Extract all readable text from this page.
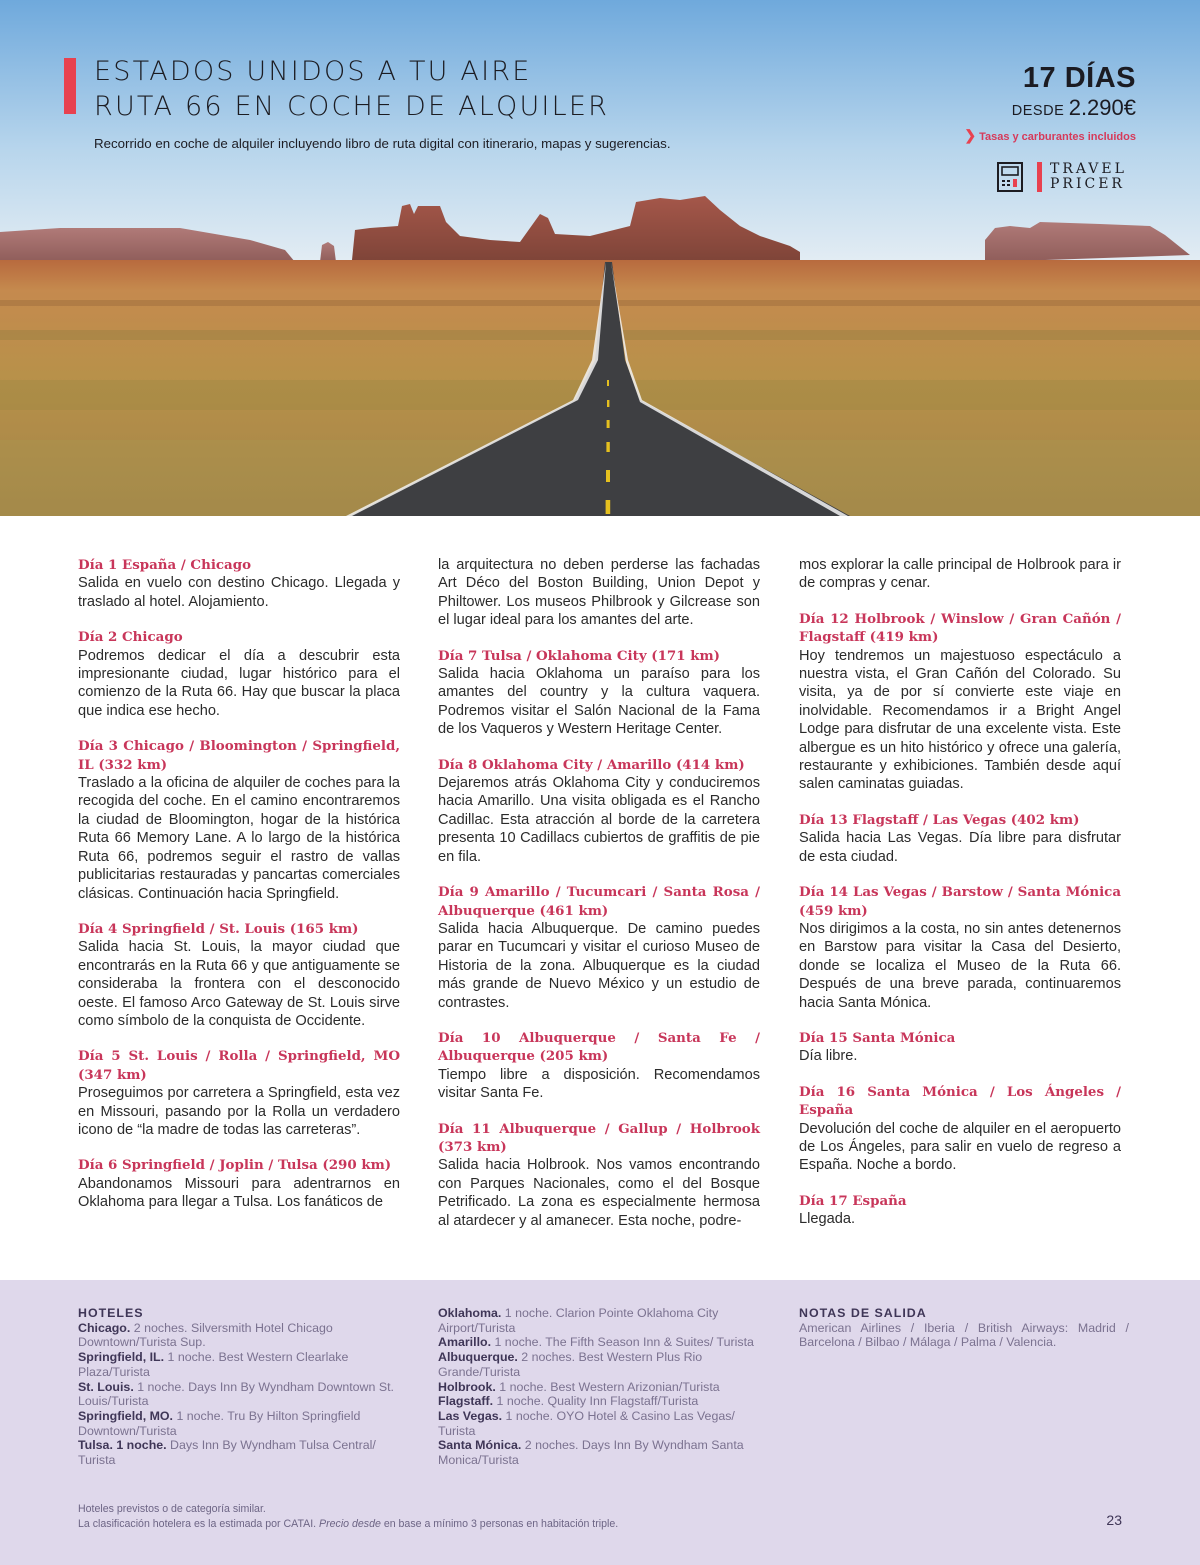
ESTADOS UNIDOS A TU AIRE
RUTA 66 EN COCHE DE ALQUILER
Recorrido en coche de alquiler incluyendo libro de ruta digital con itinerario, mapas y sugerencias.
17 DÍAS
DESDE 2.290€
❯ Tasas y carburantes incluidos
TRAVEL
PRICER
Día 1 España / Chicago
Salida en vuelo con destino Chicago. Llegada y traslado al hotel. Alojamiento.
Día 2 Chicago
Podremos dedicar el día a descubrir esta impresionante ciudad, lugar histórico para el comienzo de la Ruta 66. Hay que buscar la placa que indica ese hecho.
Día 3 Chicago / Bloomington / Springfield, IL (332 km)
Traslado a la oficina de alquiler de coches para la recogida del coche. En el camino encontraremos la ciudad de Bloomington, hogar de la histórica Ruta 66 Memory Lane. A lo largo de la histórica Ruta 66, podremos seguir el rastro de vallas publicitarias restauradas y pancartas comerciales clásicas. Continuación hacia Springfield.
Día 4 Springfield / St. Louis (165 km)
Salida hacia St. Louis, la mayor ciudad que encontrarás en la Ruta 66 y que antiguamente se consideraba la frontera con el desconocido oeste. El famoso Arco Gateway de St. Louis sirve como símbolo de la conquista de Occidente.
Día 5 St. Louis / Rolla / Springfield, MO (347 km)
Proseguimos por carretera a Springfield, esta vez en Missouri, pasando por la Rolla un verdadero icono de “la madre de todas las carreteras”.
Día 6 Springfield / Joplin / Tulsa (290 km)
Abandonamos Missouri para adentrarnos en Oklahoma para llegar a Tulsa. Los fanáticos de
la arquitectura no deben perderse las fachadas Art Déco del Boston Building, Union Depot y Philtower. Los museos Philbrook y Gilcrease son el lugar ideal para los amantes del arte.
Día 7 Tulsa / Oklahoma City (171 km)
Salida hacia Oklahoma un paraíso para los amantes del country y la cultura vaquera. Podremos visitar el Salón Nacional de la Fama de los Vaqueros y Western Heritage Center.
Día 8 Oklahoma City / Amarillo (414 km)
Dejaremos atrás Oklahoma City y conduciremos hacia Amarillo. Una visita obligada es el Rancho Cadillac. Esta atracción al borde de la carretera presenta 10 Cadillacs cubiertos de graffitis de pie en fila.
Día 9 Amarillo / Tucumcari / Santa Rosa / Albuquerque (461 km)
Salida hacia Albuquerque. De camino puedes parar en Tucumcari y visitar el curioso Museo de Historia de la zona. Albuquerque es la ciudad más grande de Nuevo México y un estudio de contrastes.
Día 10 Albuquerque / Santa Fe / Albuquerque (205 km)
Tiempo libre a disposición. Recomendamos visitar Santa Fe.
Día 11 Albuquerque / Gallup / Holbrook (373 km)
Salida hacia Holbrook. Nos vamos encontrando con Parques Nacionales, como el del Bosque Petrificado. La zona es especialmente hermosa al atardecer y al amanecer. Esta noche, podre-
mos explorar la calle principal de Holbrook para ir de compras y cenar.
Día 12 Holbrook / Winslow / Gran Cañón / Flagstaff (419 km)
Hoy tendremos un majestuoso espectáculo a nuestra vista, el Gran Cañón del Colorado. Su visita, ya de por sí convierte este viaje en inolvidable. Recomendamos ir a Bright Angel Lodge para disfrutar de una excelente vista. Este albergue es un hito histórico y ofrece una galería, restaurante y exhibiciones. También desde aquí salen caminatas guiadas.
Día 13 Flagstaff / Las Vegas (402 km)
Salida hacia Las Vegas. Día libre para disfrutar de esta ciudad.
Día 14 Las Vegas / Barstow / Santa Mónica (459 km)
Nos dirigimos a la costa, no sin antes detenernos en Barstow para visitar la Casa del Desierto, donde se localiza el Museo de la Ruta 66. Después de una breve parada, continuaremos hacia Santa Mónica.
Día 15 Santa Mónica
Día libre.
Día 16 Santa Mónica / Los Ángeles / España
Devolución del coche de alquiler en el aeropuerto de Los Ángeles, para salir en vuelo de regreso a España. Noche a bordo.
Día 17 España
Llegada.
HOTELES
Chicago. 2 noches. Silversmith Hotel Chicago Downtown/Turista Sup.
Springfield, IL. 1 noche. Best Western Clearlake Plaza/Turista
St. Louis. 1 noche. Days Inn By Wyndham Downtown St. Louis/Turista
Springfield, MO. 1 noche. Tru By Hilton Springfield Downtown/Turista
Tulsa. 1 noche. Days Inn By Wyndham Tulsa Central/ Turista
Oklahoma. 1 noche. Clarion Pointe Oklahoma City Airport/Turista
Amarillo. 1 noche. The Fifth Season Inn & Suites/ Turista
Albuquerque. 2 noches. Best Western Plus Rio Grande/Turista
Holbrook. 1 noche. Best Western Arizonian/Turista
Flagstaff. 1 noche. Quality Inn Flagstaff/Turista
Las Vegas. 1 noche. OYO Hotel & Casino Las Vegas/ Turista
Santa Mónica. 2 noches. Days Inn By Wyndham Santa Monica/Turista
NOTAS DE SALIDA
American Airlines / Iberia / British Airways: Madrid / Barcelona / Bilbao / Málaga / Palma / Valencia.
Hoteles previstos o de categoría similar.
La clasificación hotelera es la estimada por CATAI. Precio desde en base a mínimo 3 personas en habitación triple.	23
